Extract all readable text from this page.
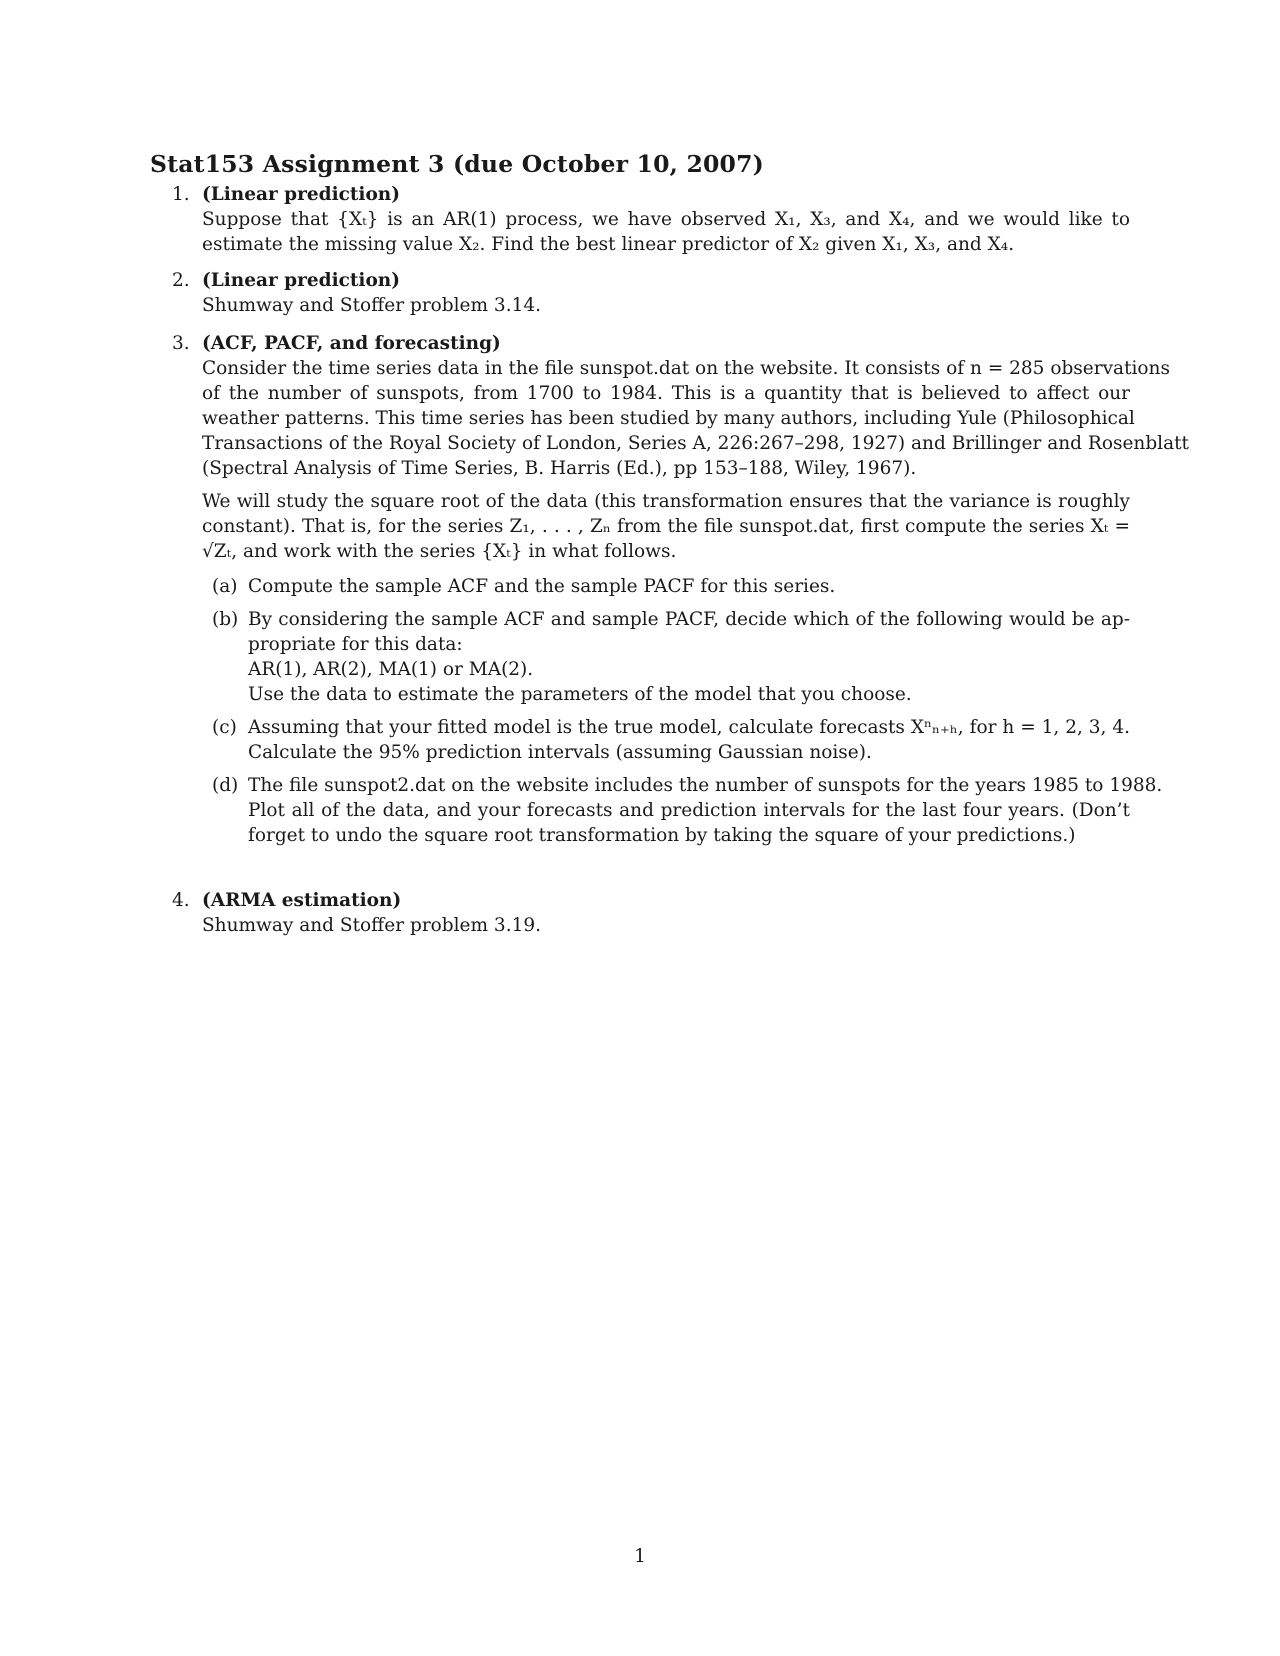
Stat153 Assignment 3 (due October 10, 2007)
1. (Linear prediction)
Suppose that {Xₜ} is an AR(1) process, we have observed X₁, X₃, and X₄, and we would like to
estimate the missing value X₂. Find the best linear predictor of X₂ given X₁, X₃, and X₄.
2. (Linear prediction)
Shumway and Stoffer problem 3.14.
3. (ACF, PACF, and forecasting)
Consider the time series data in the file sunspot.dat on the website. It consists of n = 285 observations
of the number of sunspots, from 1700 to 1984. This is a quantity that is believed to affect our
weather patterns. This time series has been studied by many authors, including Yule (Philosophical
Transactions of the Royal Society of London, Series A, 226:267–298, 1927) and Brillinger and Rosenblatt
(Spectral Analysis of Time Series, B. Harris (Ed.), pp 153–188, Wiley, 1967).
We will study the square root of the data (this transformation ensures that the variance is roughly
constant). That is, for the series Z₁, . . . , Zₙ from the file sunspot.dat, first compute the series Xₜ =
√Zₜ, and work with the series {Xₜ} in what follows.
(a) Compute the sample ACF and the sample PACF for this series.
(b) By considering the sample ACF and sample PACF, decide which of the following would be ap-
propriate for this data:
AR(1), AR(2), MA(1) or MA(2).
Use the data to estimate the parameters of the model that you choose.
(c) Assuming that your fitted model is the true model, calculate forecasts Xⁿₙ₊ₕ, for h = 1, 2, 3, 4.
Calculate the 95% prediction intervals (assuming Gaussian noise).
(d) The file sunspot2.dat on the website includes the number of sunspots for the years 1985 to 1988.
Plot all of the data, and your forecasts and prediction intervals for the last four years. (Don’t
forget to undo the square root transformation by taking the square of your predictions.)
4. (ARMA estimation)
Shumway and Stoffer problem 3.19.
1
